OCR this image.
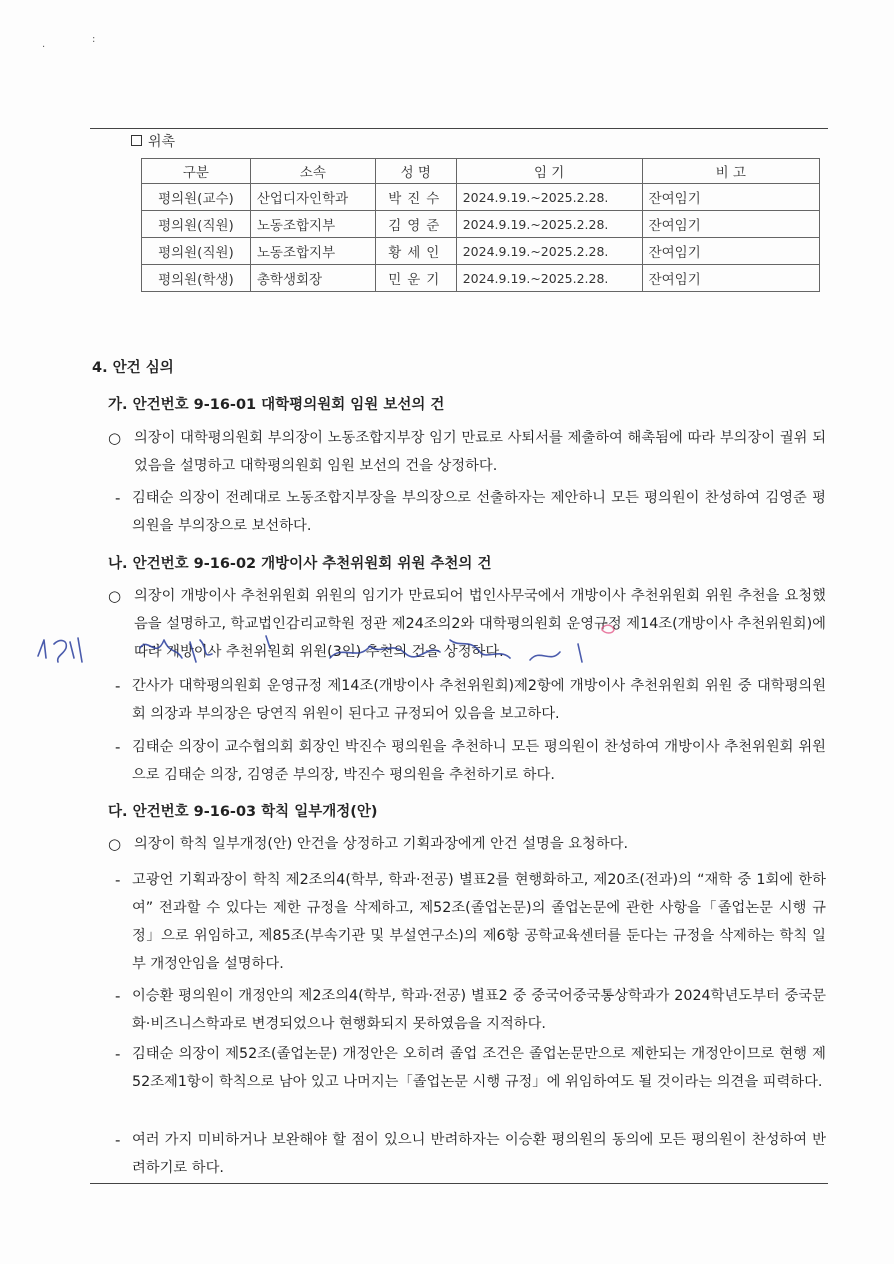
·
:
위촉
구분	소속	성 명	임 기	비 고
평의원(교수)	산업디자인학과	박진수	2024.9.19.~2025.2.28.	잔여임기
평의원(직원)	노동조합지부	김영준	2024.9.19.~2025.2.28.	잔여임기
평의원(직원)	노동조합지부	황세인	2024.9.19.~2025.2.28.	잔여임기
평의원(학생)	총학생회장	민운기	2024.9.19.~2025.2.28.	잔여임기
4. 안건 심의
가. 안건번호 9-16-01 대학평의원회 임원 보선의 건
○ 의장이 대학평의원회 부의장이 노동조합지부장 임기 만료로 사퇴서를 제출하여 해촉됨에 따라 부의장이 궐위 되었음을 설명하고 대학평의원회 임원 보선의 건을 상정하다.
- 김태순 의장이 전례대로 노동조합지부장을 부의장으로 선출하자는 제안하니 모든 평의원이 찬성하여 김영준 평의원을 부의장으로 보선하다.
나. 안건번호 9-16-02 개방이사 추천위원회 위원 추천의 건
○ 의장이 개방이사 추천위원회 위원의 임기가 만료되어 법인사무국에서 개방이사 추천위원회 위원 추천을 요청했음을 설명하고, 학교법인감리교학원 정관 제24조의2와 대학평의원회 운영규정 제14조(개방이사 추천위원회)에 따라 개방이사 추천위원회 위원(3인) 추천의 건을 상정하다.
- 간사가 대학평의원회 운영규정 제14조(개방이사 추천위원회)제2항에 개방이사 추천위원회 위원 중 대학평의원회 의장과 부의장은 당연직 위원이 된다고 규정되어 있음을 보고하다.
- 김태순 의장이 교수협의회 회장인 박진수 평의원을 추천하니 모든 평의원이 찬성하여 개방이사 추천위원회 위원으로 김태순 의장, 김영준 부의장, 박진수 평의원을 추천하기로 하다.
다. 안건번호 9-16-03 학칙 일부개정(안)
○ 의장이 학칙 일부개정(안) 안건을 상정하고 기획과장에게 안건 설명을 요청하다.
- 고광언 기획과장이 학칙 제2조의4(학부, 학과·전공) 별표2를 현행화하고, 제20조(전과)의 “재학 중 1회에 한하여” 전과할 수 있다는 제한 규정을 삭제하고, 제52조(졸업논문)의 졸업논문에 관한 사항을「졸업논문 시행 규정」으로 위임하고, 제85조(부속기관 및 부설연구소)의 제6항 공학교육센터를 둔다는 규정을 삭제하는 학칙 일부 개정안임을 설명하다.
- 이승환 평의원이 개정안의 제2조의4(학부, 학과·전공) 별표2 중 중국어중국통상학과가 2024학년도부터 중국문화·비즈니스학과로 변경되었으나 현행화되지 못하였음을 지적하다.
- 김태순 의장이 제52조(졸업논문) 개정안은 오히려 졸업 조건은 졸업논문만으로 제한되는 개정안이므로 현행 제52조제1항이 학칙으로 남아 있고 나머지는「졸업논문 시행 규정」에 위임하여도 될 것이라는 의견을 피력하다.
- 여러 가지 미비하거나 보완해야 할 점이 있으니 반려하자는 이승환 평의원의 동의에 모든 평의원이 찬성하여 반려하기로 하다.
